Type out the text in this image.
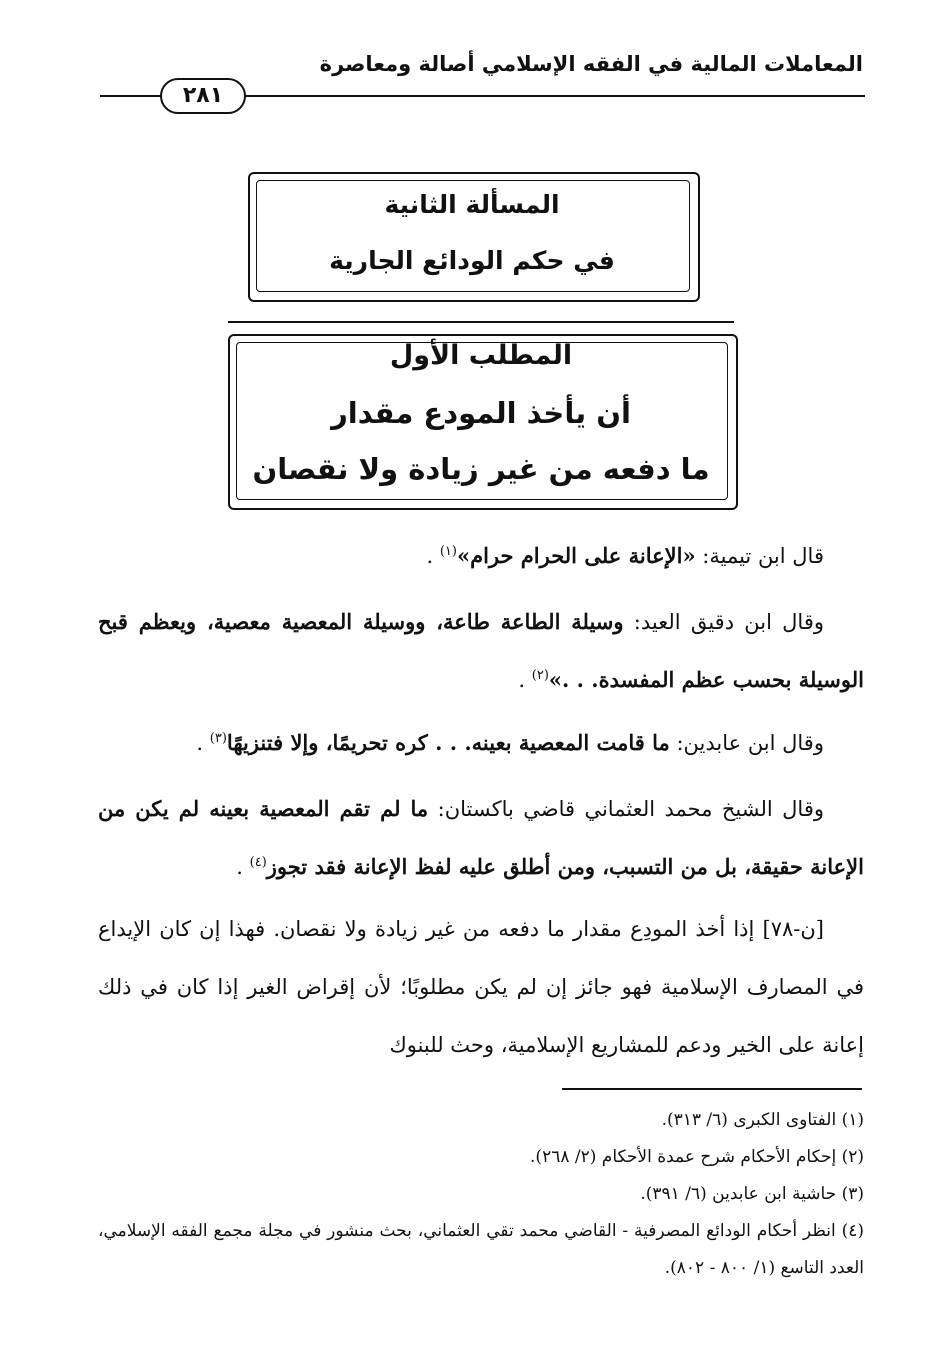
المعاملات المالية في الفقه الإسلامي أصالة ومعاصرة
٢٨١
المسألة الثانية
في حكم الودائع الجارية
المطلب الأول
أن يأخذ المودع مقدار
ما دفعه من غير زيادة ولا نقصان

قال ابن تيمية: «الإعانة على الحرام حرام»$^{(١)}$ .

وقال ابن دقيق العيد: وسيلة الطاعة طاعة، ووسيلة المعصية معصية، ويعظم قبح الوسيلة بحسب عظم المفسدة. . .»$^{(٢)}$ .

وقال ابن عابدين: ما قامت المعصية بعينه. . . كره تحريمًا، وإلا فتنزيهًا$^{(٣)}$ .

وقال الشيخ محمد العثماني قاضي باكستان: ما لم تقم المعصية بعينه لم يكن من الإعانة حقيقة، بل من التسبب، ومن أطلق عليه لفظ الإعانة فقد تجوز$^{(٤)}$ .

[ن-٧٨] إذا أخذ المودِع مقدار ما دفعه من غير زيادة ولا نقصان. فهذا إن كان الإيداع في المصارف الإسلامية فهو جائز إن لم يكن مطلوبًا؛ لأن إقراض الغير إذا كان في ذلك إعانة على الخير ودعم للمشاريع الإسلامية، وحث للبنوك

(١) الفتاوى الكبرى (٦/ ٣١٣).

(٢) إحكام الأحكام شرح عمدة الأحكام (٢/ ٢٦٨).

(٣) حاشية ابن عابدين (٦/ ٣٩١).

(٤) انظر أحكام الودائع المصرفية - القاضي محمد تقي العثماني، بحث منشور في مجلة مجمع الفقه الإسلامي، العدد التاسع (١/ ٨٠٠ - ٨٠٢).
